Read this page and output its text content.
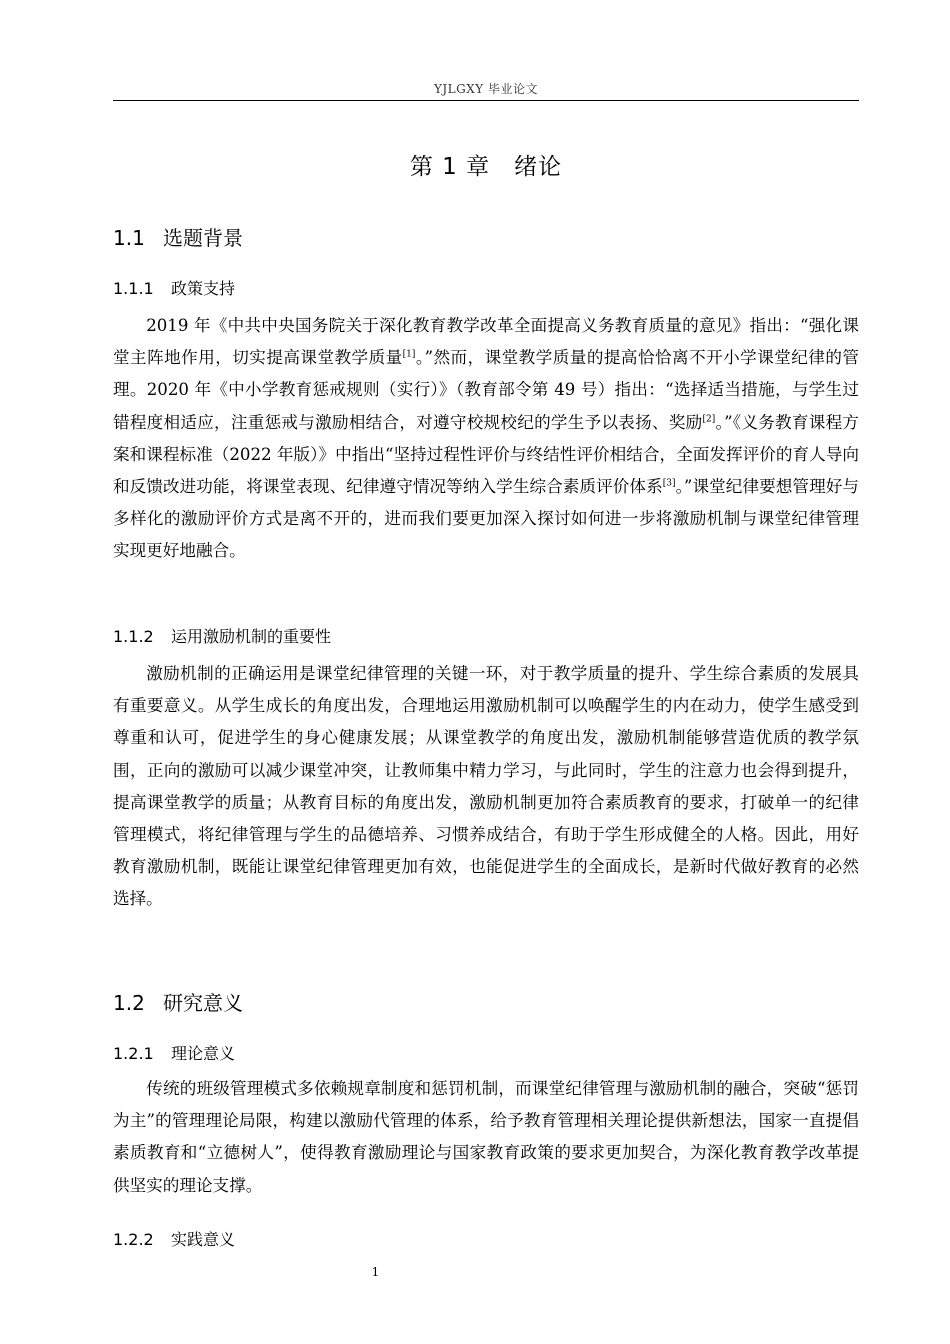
YJLGXY 毕业论文
第 1 章　绪论
1.1 选题背景
1.1.1 政策支持

2019 年《中共中央国务院关于深化教育教学改革全面提高义务教育质量的意见》指出：“强化课堂主阵地作用，切实提高课堂教学质量[1]。”然而，课堂教学质量的提高恰恰离不开小学课堂纪律的管理。2020 年《中小学教育惩戒规则（实行）》（教育部令第 49 号）指出：“选择适当措施，与学生过错程度相适应，注重惩戒与激励相结合，对遵守校规校纪的学生予以表扬、奖励[2]。”《义务教育课程方案和课程标准（2022 年版）》中指出“坚持过程性评价与终结性评价相结合，全面发挥评价的育人导向和反馈改进功能，将课堂表现、纪律遵守情况等纳入学生综合素质评价体系[3]。”课堂纪律要想管理好与多样化的激励评价方式是离不开的，进而我们要更加深入探讨如何进一步将激励机制与课堂纪律管理实现更好地融合。

1.1.2 运用激励机制的重要性

激励机制的正确运用是课堂纪律管理的关键一环，对于教学质量的提升、学生综合素质的发展具有重要意义。从学生成长的角度出发，合理地运用激励机制可以唤醒学生的内在动力，使学生感受到尊重和认可，促进学生的身心健康发展；从课堂教学的角度出发，激励机制能够营造优质的教学氛围，正向的激励可以减少课堂冲突，让教师集中精力学习，与此同时，学生的注意力也会得到提升，提高课堂教学的质量；从教育目标的角度出发，激励机制更加符合素质教育的要求，打破单一的纪律管理模式，将纪律管理与学生的品德培养、习惯养成结合，有助于学生形成健全的人格。因此，用好教育激励机制，既能让课堂纪律管理更加有效，也能促进学生的全面成长，是新时代做好教育的必然选择。

1.2 研究意义
1.2.1 理论意义

传统的班级管理模式多依赖规章制度和惩罚机制，而课堂纪律管理与激励机制的融合，突破“惩罚为主”的管理理论局限，构建以激励代管理的体系，给予教育管理相关理论提供新想法，国家一直提倡素质教育和“立德树人”，使得教育激励理论与国家教育政策的要求更加契合，为深化教育教学改革提供坚实的理论支撑。

1.2.2 实践意义
1
